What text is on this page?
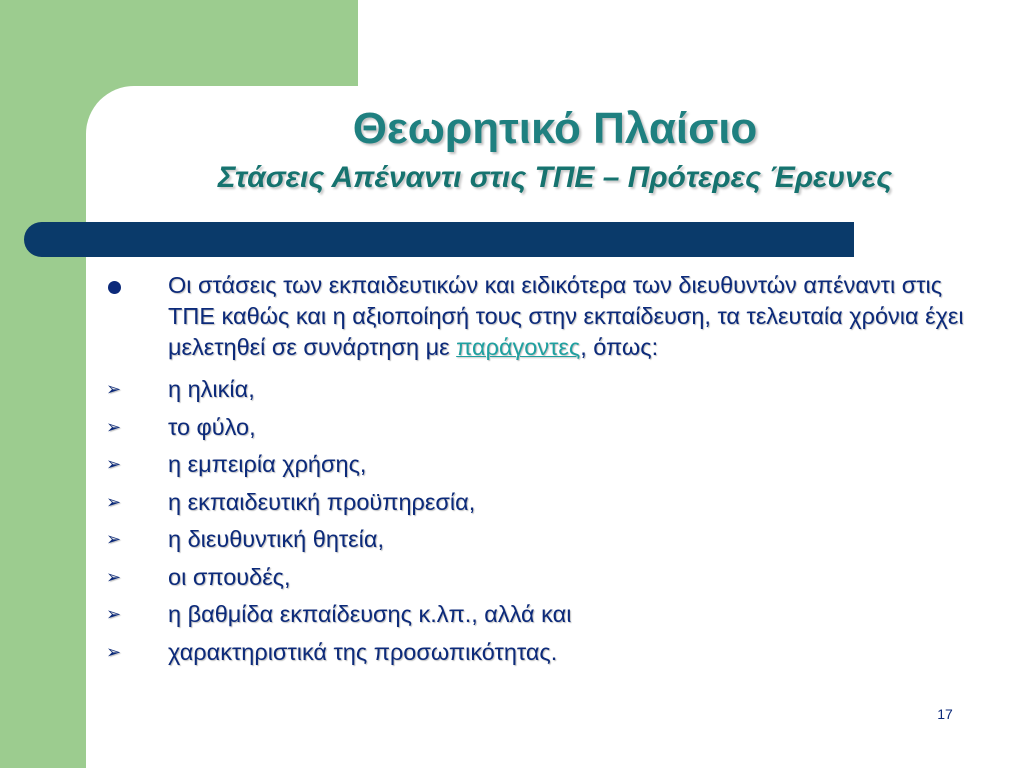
Θεωρητικό Πλαίσιο
Στάσεις Απέναντι στις ΤΠΕ – Πρότερες Έρευνες
Οι στάσεις των εκπαιδευτικών και ειδικότερα των διευθυντών απέναντι στις ΤΠΕ καθώς και η αξιοποίησή τους στην εκπαίδευση, τα τελευταία χρόνια έχει μελετηθεί σε συνάρτηση με παράγοντες, όπως:
➢ η ηλικία,
➢ το φύλο,
➢ η εμπειρία χρήσης,
➢ η εκπαιδευτική προϋπηρεσία,
➢ η διευθυντική θητεία,
➢ οι σπουδές,
➢ η βαθμίδα εκπαίδευσης κ.λπ., αλλά και
➢ χαρακτηριστικά της προσωπικότητας.
17
